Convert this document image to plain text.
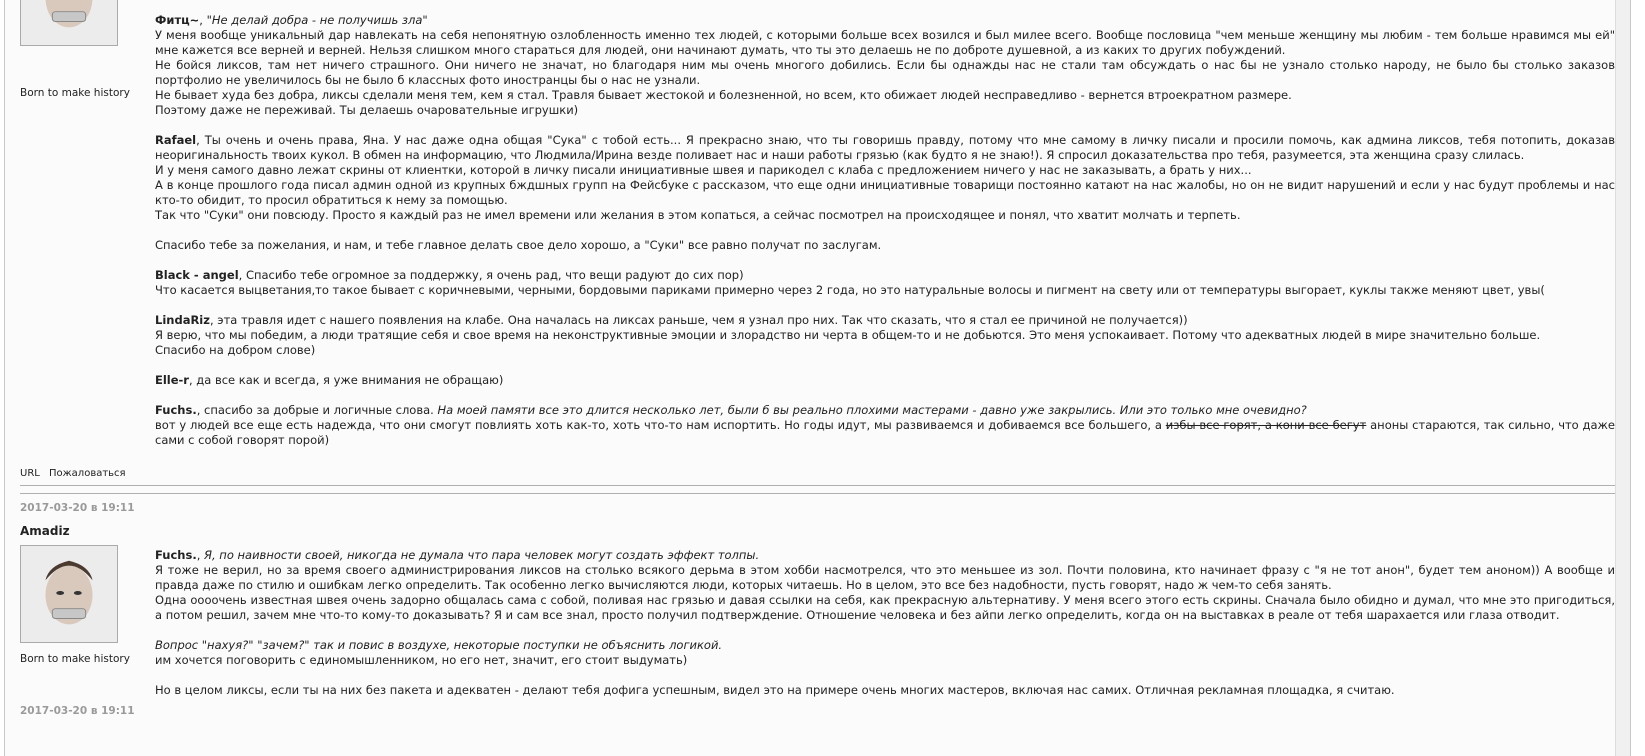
Born to make history

Фитц~, "Не делай добра - не получишь зла"

У меня вообще уникальный дар навлекать на себя непонятную озлобленность именно тех людей, с которыми больше всех возился и был милее всего. Вообще пословица "чем меньше женщину мы любим - тем больше нравимся мы ей" мне кажется все верней и верней. Нельзя слишком много стараться для людей, они начинают думать, что ты это делаешь не по доброте душевной, а из каких то других побуждений.

Не бойся ликсов, там нет ничего страшного. Они ничего не значат, но благодаря ним мы очень многого добились. Если бы однажды нас не стали там обсуждать о нас бы не узнало столько народу, не было бы столько заказов портфолио не увеличилось бы не было б классных фото иностранцы бы о нас не узнали.

Не бывает худа без добра, ликсы сделали меня тем, кем я стал. Травля бывает жестокой и болезненной, но всем, кто обижает людей несправедливо - вернется втроекратном размере.

Поэтому даже не переживай. Ты делаешь очаровательные игрушки)

Rafael, Ты очень и очень права, Яна. У нас даже одна общая "Сука" с тобой есть... Я прекрасно знаю, что ты говоришь правду, потому что мне самому в личку писали и просили помочь, как админа ликсов, тебя потопить, доказав неоригинальность твоих кукол. В обмен на информацию, что Людмила/Ирина везде поливает нас и наши работы грязью (как будто я не знаю!). Я спросил доказательства про тебя, разумеется, эта женщина сразу слилась.

И у меня самого давно лежат скрины от клиентки, которой в личку писали инициативные швея и парикодел с клаба с предложением ничего у нас не заказывать, а брать у них...

А в конце прошлого года писал админ одной из крупных бждшных групп на Фейсбуке с рассказом, что еще одни инициативные товарищи постоянно катают на нас жалобы, но он не видит нарушений и если у нас будут проблемы и нас кто-то обидит, то просил обратиться к нему за помощью.

Так что "Суки" они повсюду. Просто я каждый раз не имел времени или желания в этом копаться, а сейчас посмотрел на происходящее и понял, что хватит молчать и терпеть.

Спасибо тебе за пожелания, и нам, и тебе главное делать свое дело хорошо, а "Суки" все равно получат по заслугам.

Black - angel, Спасибо тебе огромное за поддержку, я очень рад, что вещи радуют до сих пор)

Что касается выцветания,то такое бывает с коричневыми, черными, бордовыми париками примерно через 2 года, но это натуральные волосы и пигмент на свету или от температуры выгорает, куклы также меняют цвет, увы(

LindaRiz, эта травля идет с нашего появления на клабе. Она началась на ликсах раньше, чем я узнал про них. Так что сказать, что я стал ее причиной не получается))

Я верю, что мы победим, а люди тратящие себя и свое время на неконструктивные эмоции и злорадство ни черта в общем-то и не добьются. Это меня успокаивает. Потому что адекватных людей в мире значительно больше.

Спасибо на добром слове)

Elle-r, да все как и всегда, я уже внимания не обращаю)

Fuchs., спасибо за добрые и логичные слова. На моей памяти все это длится несколько лет, были б вы реально плохими мастерами - давно уже закрылись. Или это только мне очевидно?

вот у людей все еще есть надежда, что они смогут повлиять хоть как-то, хоть что-то нам испортить. Но годы идут, мы развиваемся и добиваемся все большего, а избы все горят, а кони все бегут аноны стараются, так сильно, что даже сами с собой говорят порой)

URL Пожаловаться
2017-03-20 в 19:11
Amadiz
Born to make history

Fuchs., Я, по наивности своей, никогда не думала что пара человек могут создать эффект толпы.

Я тоже не верил, но за время своего администрирования ликсов на столько всякого дерьма в этом хобби насмотрелся, что это меньшее из зол. Почти половина, кто начинает фразу с "я не тот анон", будет тем аноном)) А вообще и правда даже по стилю и ошибкам легко определить. Так особенно легко вычисляются люди, которых читаешь. Но в целом, это все без надобности, пусть говорят, надо ж чем-то себя занять.

Одна оооочень известная швея очень задорно общалась сама с собой, поливая нас грязью и давая ссылки на себя, как прекрасную альтернативу. У меня всего этого есть скрины. Сначала было обидно и думал, что мне это пригодиться, а потом решил, зачем мне что-то кому-то доказывать? Я и сам все знал, просто получил подтверждение. Отношение человека и без айпи легко определить, когда он на выставках в реале от тебя шарахается или глаза отводит.

Вопрос "нахуя?" "зачем?" так и повис в воздухе, некоторые поступки не объяснить логикой.

им хочется поговорить с единомышленником, но его нет, значит, его стоит выдумать)

Но в целом ликсы, если ты на них без пакета и адекватен - делают тебя дофига успешным, видел это на примере очень многих мастеров, включая нас самих. Отличная рекламная площадка, я считаю.

2017-03-20 в 19:11
